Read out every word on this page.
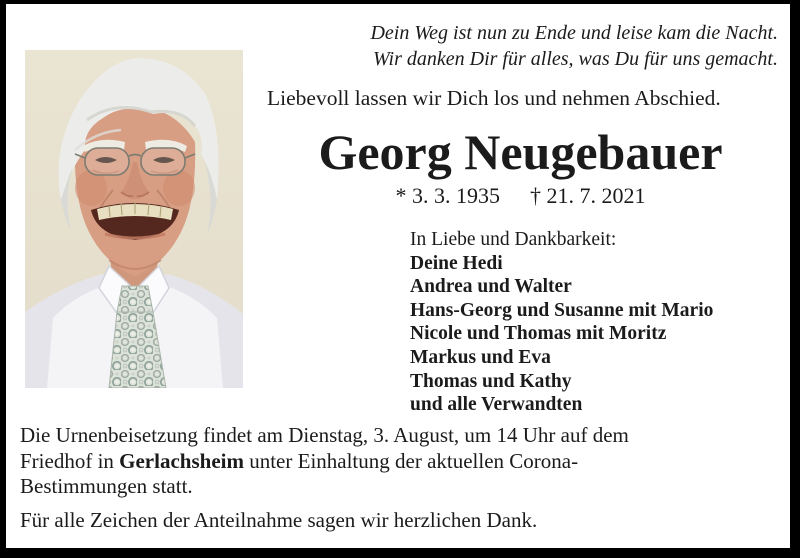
Dein Weg ist nun zu Ende und leise kam die Nacht.
Wir danken Dir für alles, was Du für uns gemacht.
Liebevoll lassen wir Dich los und nehmen Abschied.
Georg Neugebauer
* 3. 3. 1935 † 21. 7. 2021
In Liebe und Dankbarkeit:
Deine Hedi
Andrea und Walter
Hans-Georg und Susanne mit Mario
Nicole und Thomas mit Moritz
Markus und Eva
Thomas und Kathy
und alle Verwandten
Die Urnenbeisetzung findet am Dienstag, 3. August, um 14 Uhr auf dem
Friedhof in Gerlachsheim unter Einhaltung der aktuellen Corona-
Bestimmungen statt.
Für alle Zeichen der Anteilnahme sagen wir herzlichen Dank.
